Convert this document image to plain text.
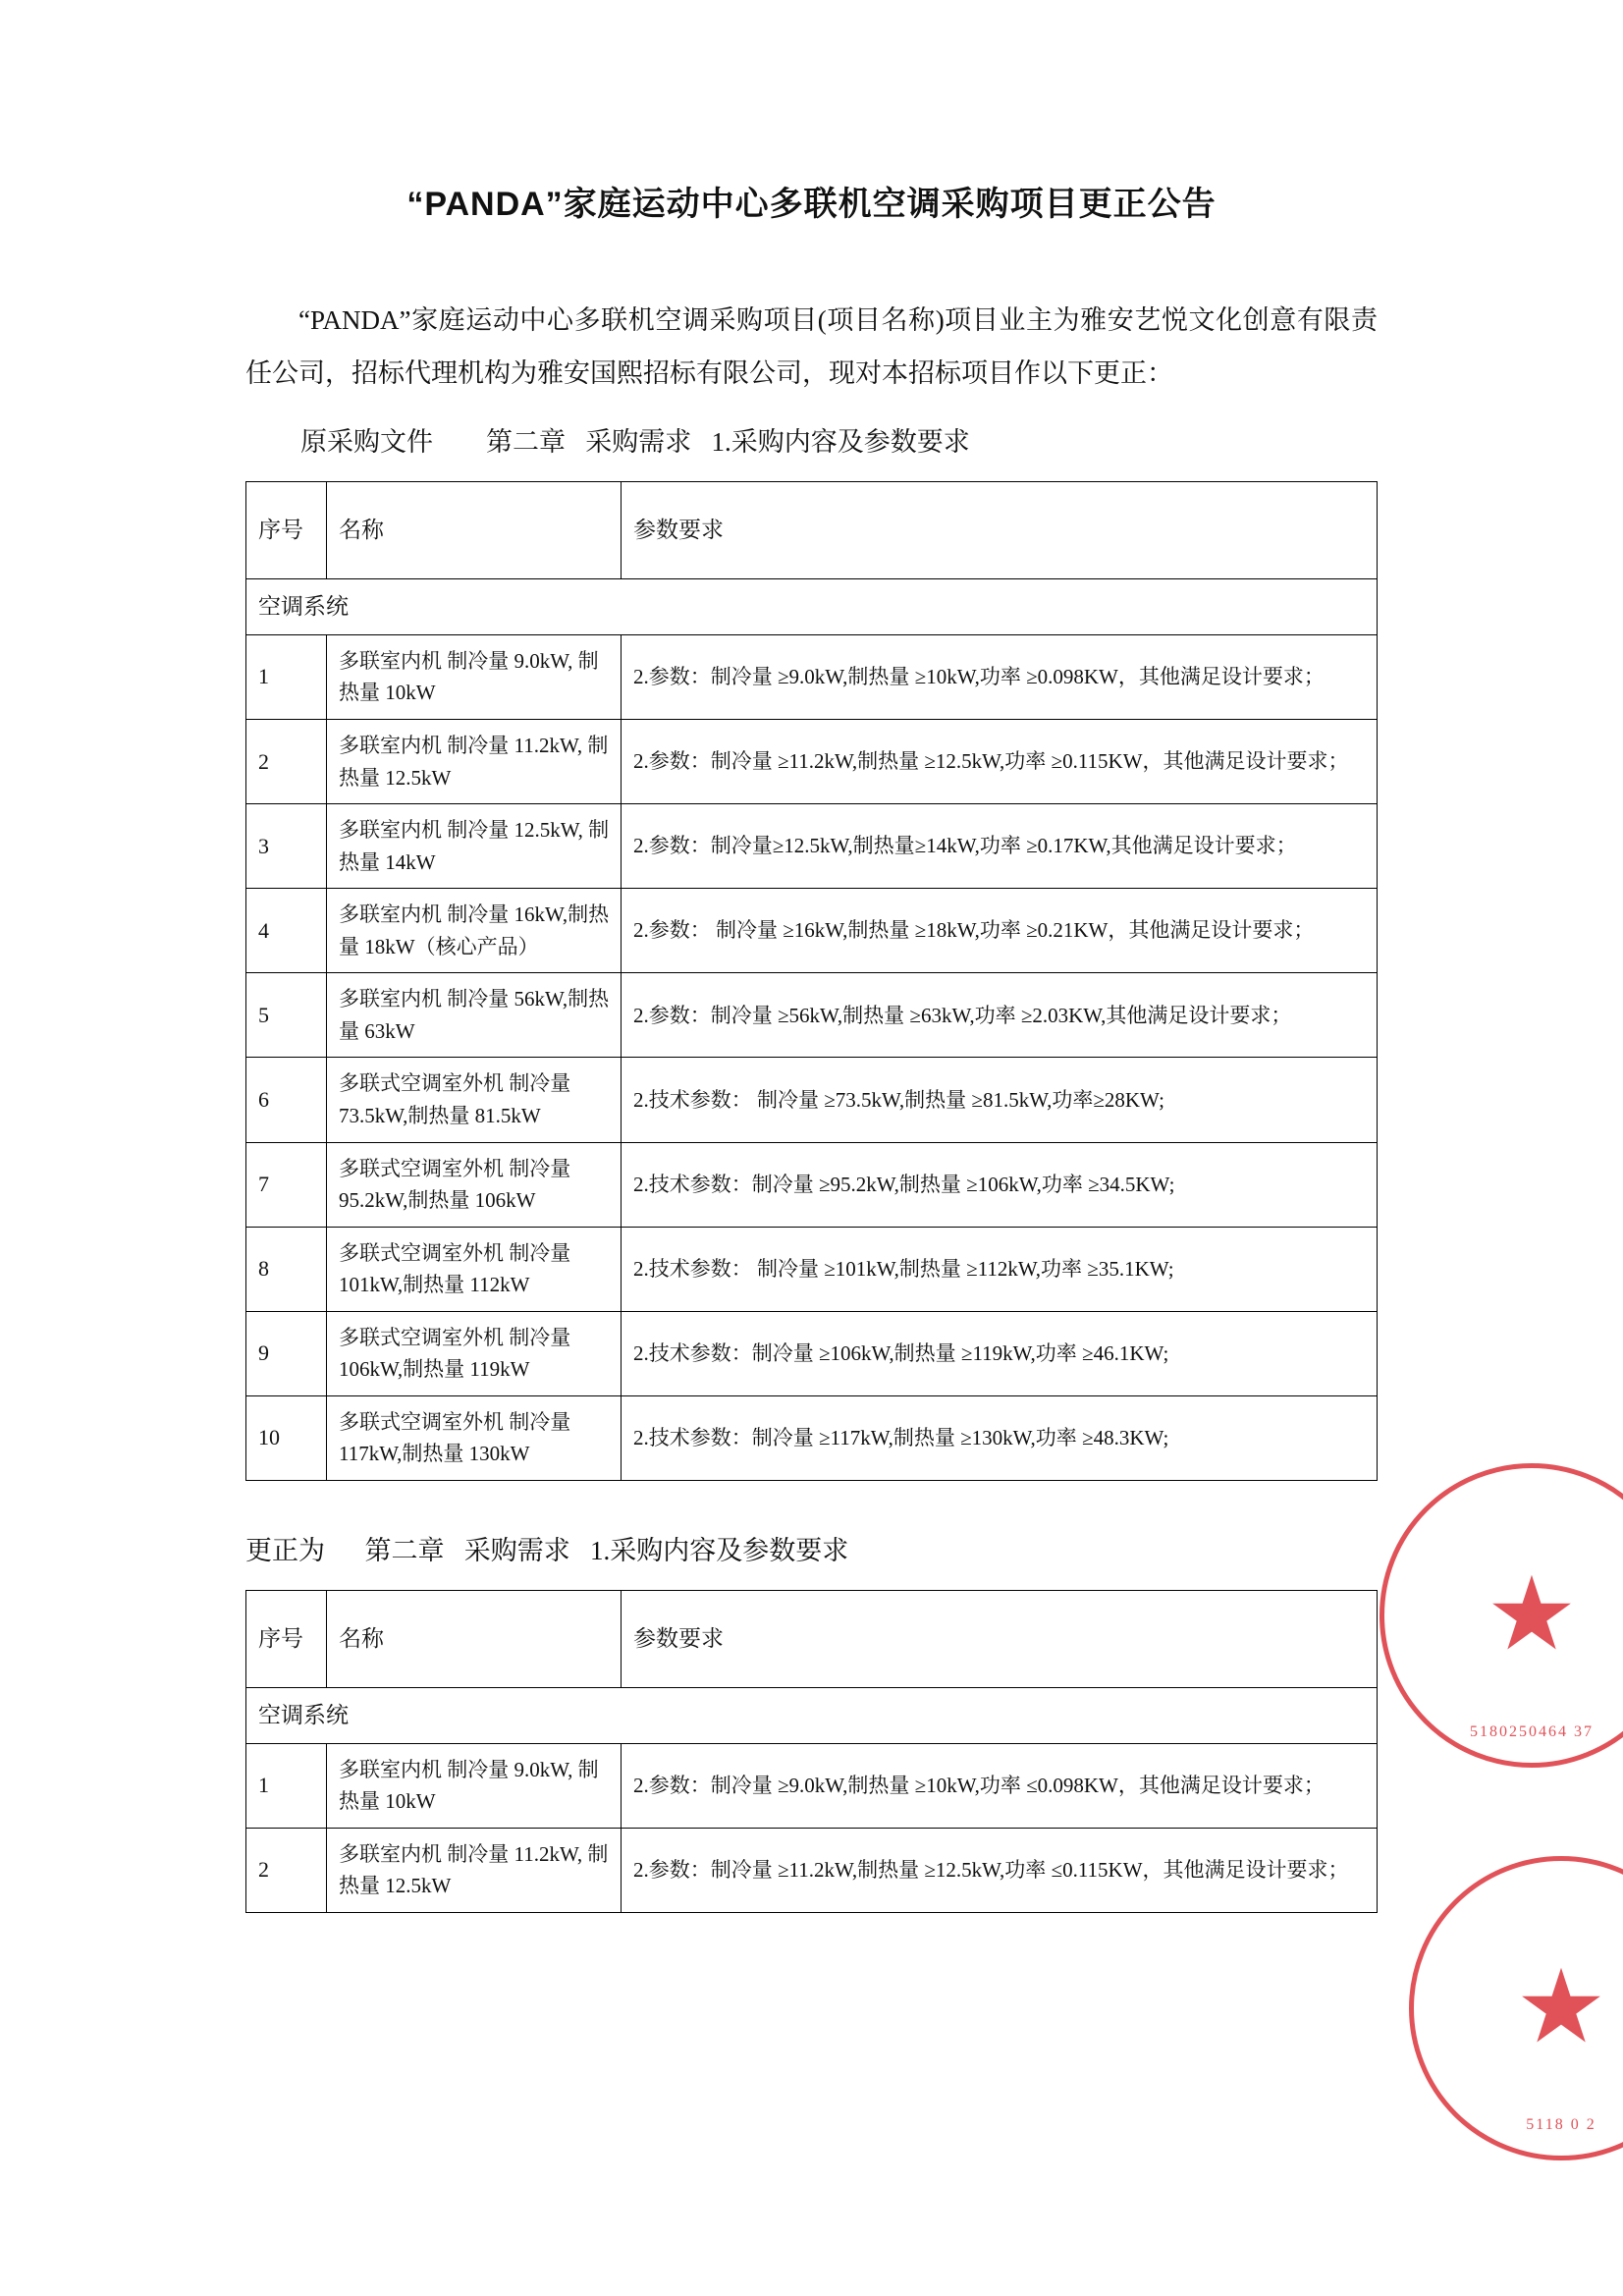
“PANDA”家庭运动中心多联机空调采购项目更正公告

“PANDA”家庭运动中心多联机空调采购项目(项目名称)项目业主为雅安艺悦文化创意有限责任公司，招标代理机构为雅安国熙招标有限公司，现对本招标项目作以下更正：

原采购文件        第二章   采购需求   1.采购内容及参数要求
序号	名称	参数要求
空调系统		
1	多联室内机 制冷量 9.0kW, 制热量 10kW	2.参数：制冷量 ≥9.0kW,制热量 ≥10kW,功率 ≥0.098KW，其他满足设计要求；
2	多联室内机 制冷量 11.2kW, 制热量 12.5kW	2.参数：制冷量 ≥11.2kW,制热量 ≥12.5kW,功率 ≥0.115KW，其他满足设计要求；
3	多联室内机 制冷量 12.5kW, 制热量 14kW	2.参数：制冷量≥12.5kW,制热量≥14kW,功率 ≥0.17KW,其他满足设计要求；
4	多联室内机 制冷量 16kW,制热量 18kW（核心产品）	2.参数： 制冷量 ≥16kW,制热量 ≥18kW,功率 ≥0.21KW，其他满足设计要求；
5	多联室内机 制冷量 56kW,制热量 63kW	2.参数：制冷量 ≥56kW,制热量 ≥63kW,功率 ≥2.03KW,其他满足设计要求；
6	多联式空调室外机 制冷量 73.5kW,制热量 81.5kW	2.技术参数： 制冷量 ≥73.5kW,制热量 ≥81.5kW,功率≥28KW;
7	多联式空调室外机 制冷量 95.2kW,制热量 106kW	2.技术参数：制冷量 ≥95.2kW,制热量 ≥106kW,功率 ≥34.5KW;
8	多联式空调室外机 制冷量 101kW,制热量 112kW	2.技术参数： 制冷量 ≥101kW,制热量 ≥112kW,功率 ≥35.1KW;
9	多联式空调室外机 制冷量 106kW,制热量 119kW	2.技术参数：制冷量 ≥106kW,制热量 ≥119kW,功率 ≥46.1KW;
10	多联式空调室外机 制冷量 117kW,制热量 130kW	2.技术参数：制冷量 ≥117kW,制热量 ≥130kW,功率 ≥48.3KW;
更正为      第二章   采购需求   1.采购内容及参数要求
序号	名称	参数要求
空调系统		
1	多联室内机 制冷量 9.0kW, 制热量 10kW	2.参数：制冷量 ≥9.0kW,制热量 ≥10kW,功率 ≤0.098KW，其他满足设计要求；
2	多联室内机 制冷量 11.2kW, 制热量 12.5kW	2.参数：制冷量 ≥11.2kW,制热量 ≥12.5kW,功率 ≤0.115KW，其他满足设计要求；
★
5180250464 37
★
5118 0 2
